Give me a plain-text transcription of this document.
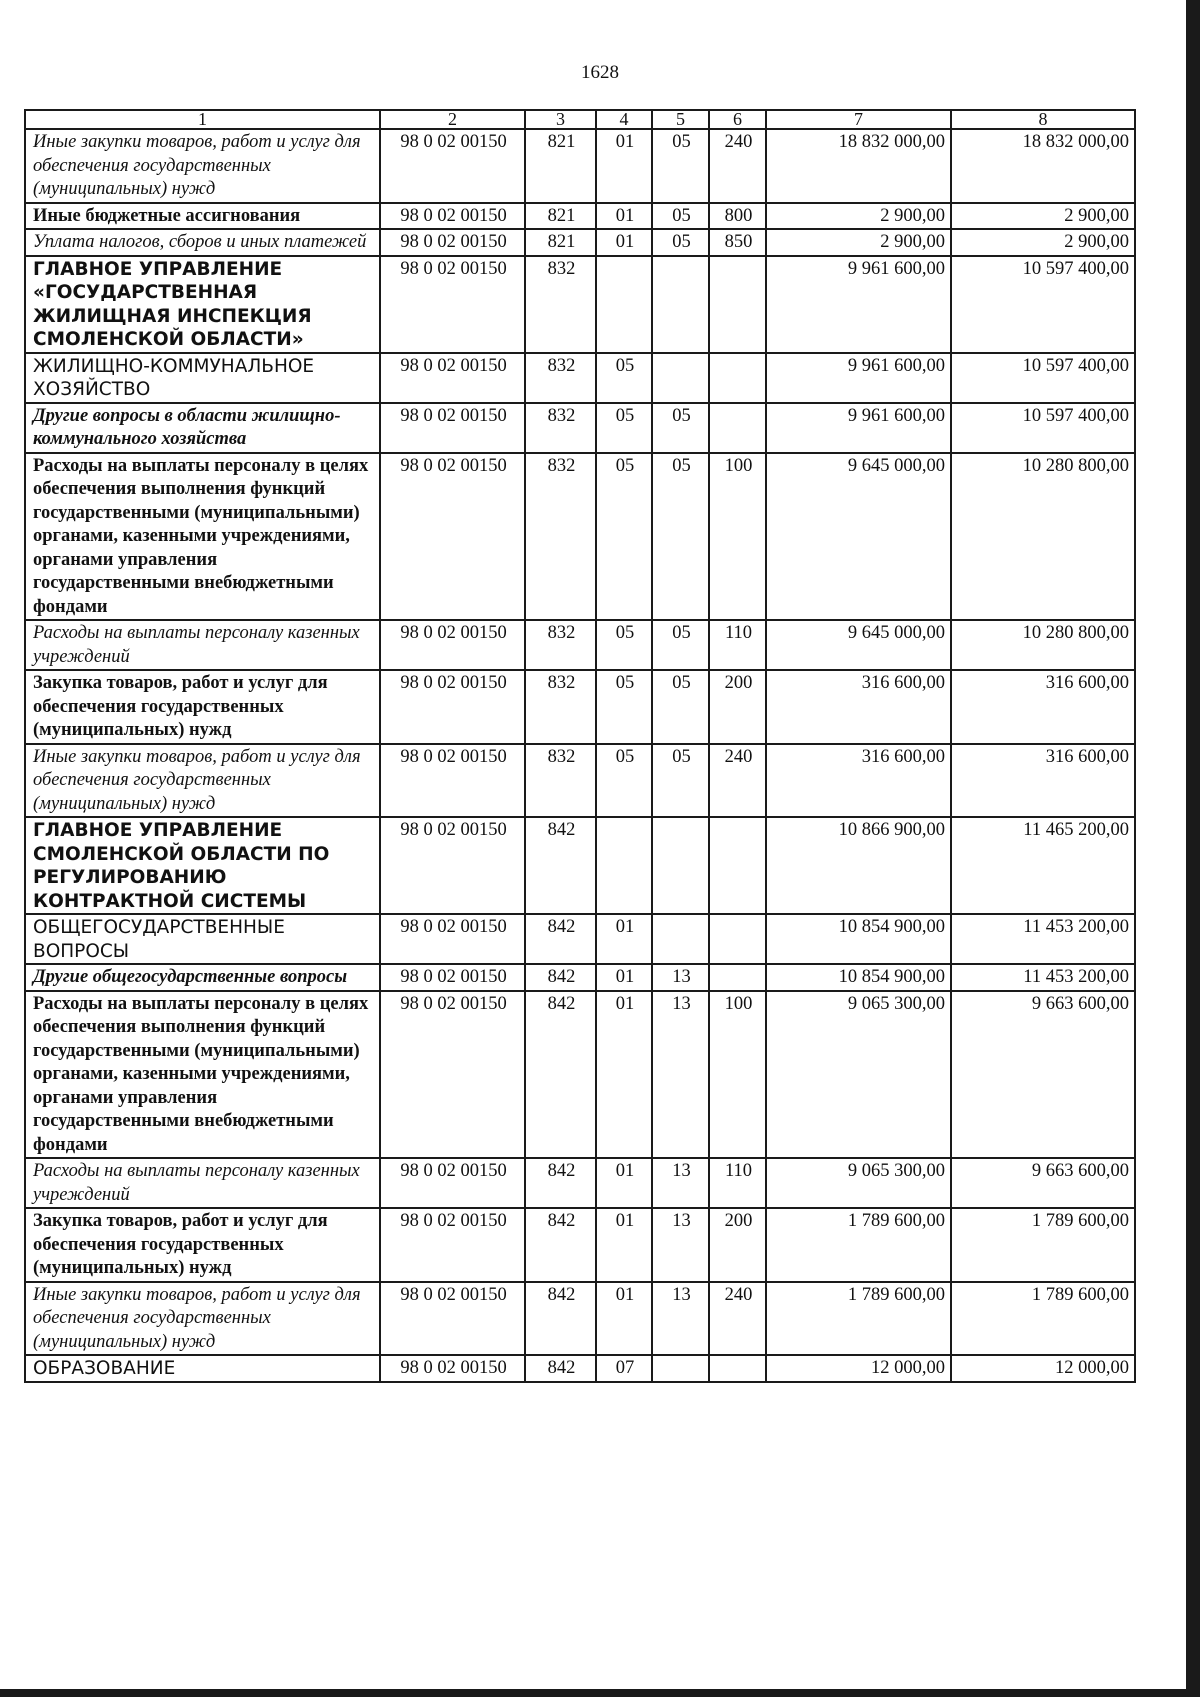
1628
1	2	3	4	5	6	7	8
Иные закупки товаров, работ и услуг для обеспечения государственных (муниципальных) нужд	98 0 02 00150	821	01	05	240	18 832 000,00	18 832 000,00
Иные бюджетные ассигнования	98 0 02 00150	821	01	05	800	2 900,00	2 900,00
Уплата налогов, сборов и иных платежей	98 0 02 00150	821	01	05	850	2 900,00	2 900,00
ГЛАВНОЕ УПРАВЛЕНИЕ «ГОСУДАРСТВЕННАЯ ЖИЛИЩНАЯ ИНСПЕКЦИЯ СМОЛЕНСКОЙ ОБЛАСТИ»	98 0 02 00150	832				9 961 600,00	10 597 400,00
ЖИЛИЩНО-КОММУНАЛЬНОЕ ХОЗЯЙСТВО	98 0 02 00150	832	05			9 961 600,00	10 597 400,00
Другие вопросы в области жилищно-коммунального хозяйства	98 0 02 00150	832	05	05		9 961 600,00	10 597 400,00
Расходы на выплаты персоналу в целях обеспечения выполнения функций государственными (муниципальными) органами, казенными учреждениями, органами управления государственными внебюджетными фондами	98 0 02 00150	832	05	05	100	9 645 000,00	10 280 800,00
Расходы на выплаты персоналу казенных учреждений	98 0 02 00150	832	05	05	110	9 645 000,00	10 280 800,00
Закупка товаров, работ и услуг для обеспечения государственных (муниципальных) нужд	98 0 02 00150	832	05	05	200	316 600,00	316 600,00
Иные закупки товаров, работ и услуг для обеспечения государственных (муниципальных) нужд	98 0 02 00150	832	05	05	240	316 600,00	316 600,00
ГЛАВНОЕ УПРАВЛЕНИЕ СМОЛЕНСКОЙ ОБЛАСТИ ПО РЕГУЛИРОВАНИЮ КОНТРАКТНОЙ СИСТЕМЫ	98 0 02 00150	842				10 866 900,00	11 465 200,00
ОБЩЕГОСУДАРСТВЕННЫЕ ВОПРОСЫ	98 0 02 00150	842	01			10 854 900,00	11 453 200,00
Другие общегосударственные вопросы	98 0 02 00150	842	01	13		10 854 900,00	11 453 200,00
Расходы на выплаты персоналу в целях обеспечения выполнения функций государственными (муниципальными) органами, казенными учреждениями, органами управления государственными внебюджетными фондами	98 0 02 00150	842	01	13	100	9 065 300,00	9 663 600,00
Расходы на выплаты персоналу казенных учреждений	98 0 02 00150	842	01	13	110	9 065 300,00	9 663 600,00
Закупка товаров, работ и услуг для обеспечения государственных (муниципальных) нужд	98 0 02 00150	842	01	13	200	1 789 600,00	1 789 600,00
Иные закупки товаров, работ и услуг для обеспечения государственных (муниципальных) нужд	98 0 02 00150	842	01	13	240	1 789 600,00	1 789 600,00
ОБРАЗОВАНИЕ	98 0 02 00150	842	07			12 000,00	12 000,00
